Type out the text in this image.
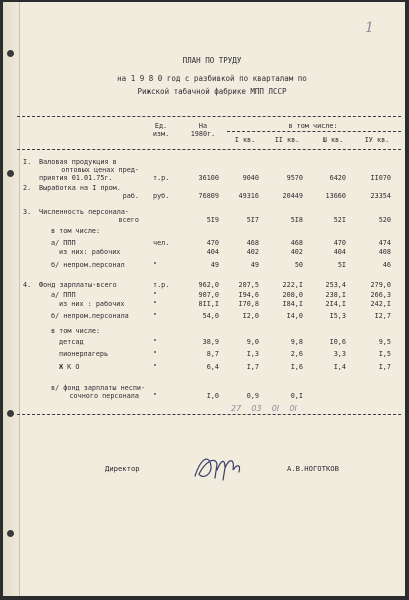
1
ПЛАН ПО ТРУДУ
на 1 9 8 0 год с разбивкой по кварталам по
Рижской табачной фабрике МПП ЛССР
Ед.
изм.
На
1980г.
в том числе:
I кв.	II кв.	Ш кв.	IУ кв.
I. Валовая продукция в
оптовых ценах пред-
приятия 01.01.75г.	т.р.	36100	9040	9570	6420	II070
2. Выработка на I пром.
раб. руб.	76809	49316	20449	13660	23354
3. Численность персонала-
всего	5I9	5I7	5I8	52I	520
в том числе:
а/ ППП	чел.	470	468	468	470	474
из них: рабочих	404	402	402	404	408
б/ непром.персонал	"	49	49	50	5I	46
4. Фонд зарплаты-всего	т.р.	962,0	207,5	222,I	253,4	279,0
а/ ППП	"	907,0	I94,6	208,0	238,I	266,3
из них : рабочих	"	8II,I	I70,8	I84,I	2I4,I	242,I
б/ непром.персонала	"	54,0	I2,0	I4,0	I5,3	I2,7
в том числе:
детсад	"	38,9	9,0	9,8	I0,6	9,5
пионерлагерь	"	8,7	I,3	2,6	3,3	I,5
Ж К О	"	6,4	I,7	I,6	I,4	I,7
в/ фонд зарплаты неспи-
сочного персонала "	I,0	0,9	0,I
27    03    0I    0I
Директор	А.В.НОГОТКОВ
